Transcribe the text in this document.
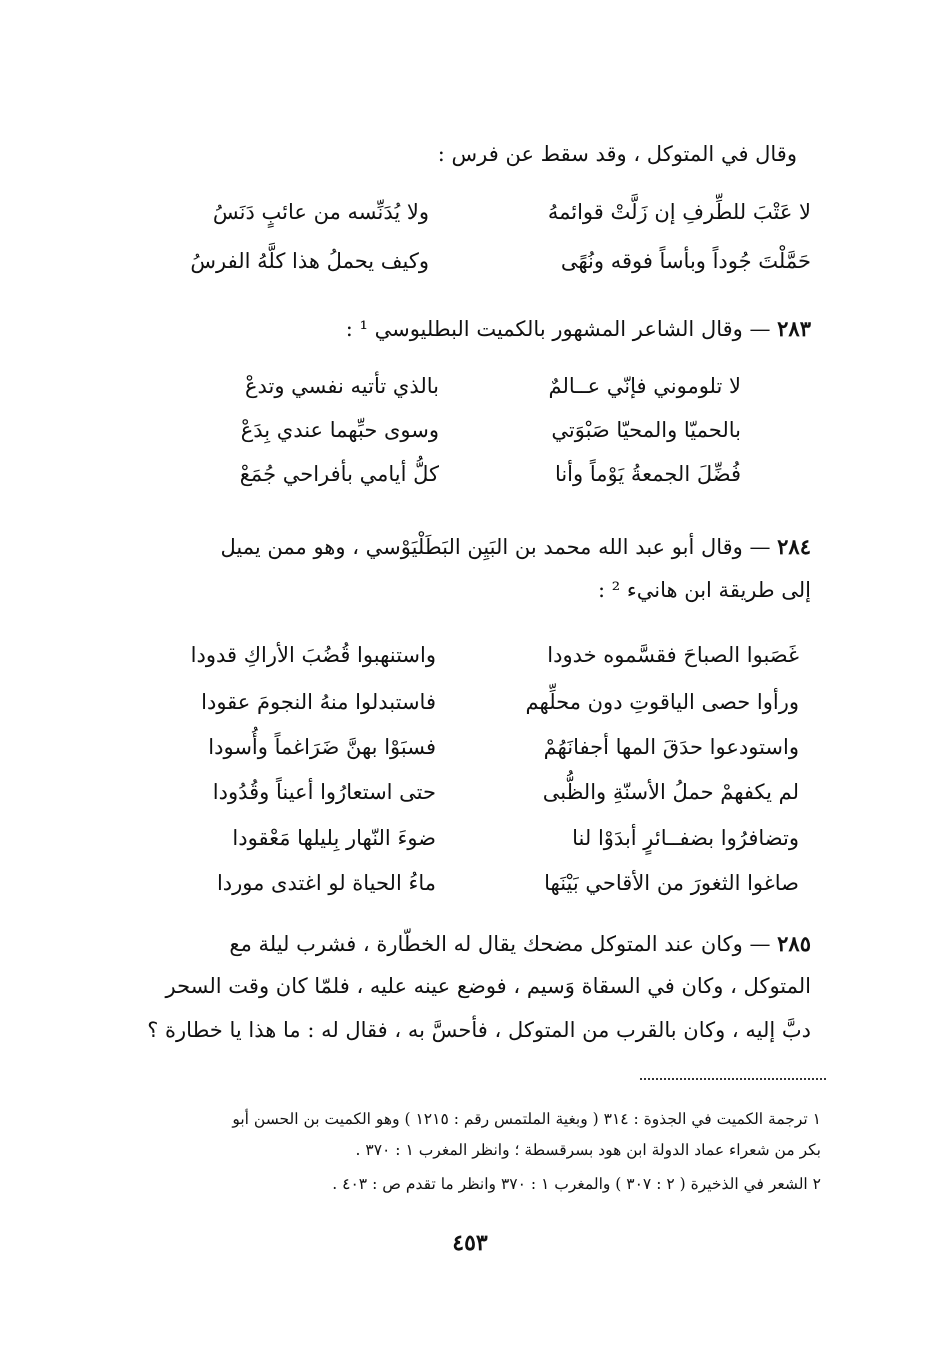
وقال في المتوكل ، وقد سقط عن فرس :
لا عَتْبَ للطِّرفِ إن زَلَّتْ قوائمهُ
ولا يُدَنِّسه من عائبٍ دَنَسُ
حَمَّلْتَ جُوداً وبأساً فوقه ونُهًى
وكيف يحملُ هذا كلَّهُ الفرسُ
٢٨٣ — وقال الشاعر المشهور بالكميت البطليوسي ¹ :
لا تلوموني فإنّي عــالمٌ
بالذي تأتيه نفسي وتدعْ
بالحميّا والمحيّا صَبْوَتي
وسوى حبِّهما عندي بِدَعْ
فُضِّلَ الجمعةُ يَوْماً وأنا
كلُّ أيامي بأفراحي جُمَعْ
٢٨٤ — وقال أبو عبد الله محمد بن البَيِن البَطَلْيَوْسي ، وهو ممن يميل
إلى طريقة ابن هانيء ² :
غَصَبوا الصباحَ فقسَّموه خدودا
واستنهبوا قُضُبَ الأراكِ قدودا
ورأوا حصى الياقوتِ دون محلِّهم
فاستبدلوا منهُ النجومَ عقودا
واستودعوا حدَقَ المها أجفانَهُمْ
فسبَوْا بهنَّ ضَرَاغماً وأُسودا
لم يكفهمْ حملُ الأسنّةِ والظُّبى
حتى استعارُوا أعيناً وقُدُودا
وتضافرُوا بضفــائرٍ أبدَوْا لنا
ضوءَ النّهار بِليلها مَعْقودا
صاغوا الثغورَ من الأقاحي بَيْنَها
ماءُ الحياة لو اغتدى موردا
٢٨٥ — وكان عند المتوكل مضحك يقال له الخطّارة ، فشرب ليلة مع
المتوكل ، وكان في السقاة وَسيم ، فوضع عينه عليه ، فلمّا كان وقت السحر
دبَّ إليه ، وكان بالقرب من المتوكل ، فأحسَّ به ، فقال له : ما هذا يا خطارة ؟
١ ترجمة الكميت في الجذوة : ٣١٤ ( وبغية الملتمس رقم : ١٢١٥ ) وهو الكميت بن الحسن أبو
بكر من شعراء عماد الدولة ابن هود بسرقسطة ؛ وانظر المغرب ١ : ٣٧٠ .
٢ الشعر في الذخيرة ( ٢ : ٣٠٧ ) والمغرب ١ : ٣٧٠ وانظر ما تقدم ص : ٤٠٣ .
٤٥٣
